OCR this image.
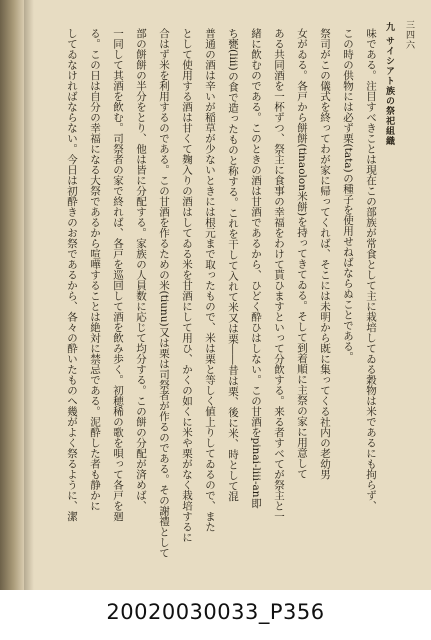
三四六
九 サイシアト族の祭祀組織
味である。注目すべきことは現在この部族が常食として主に栽培してゐる穀物は米であるにも拘らず、
この時の供物には必ず栗(tata)の種子を使用せねばならぬことである。
祭司がこの儀式を終ってわが家に帰ってくれば、そこには未明から既に集ってくる社内の老幼男
女がゐる。各戸から餅餅(tinaolon米餅)を持ってきてゐる。そして到着順に主祭の家に用意して
ある共同酒を一杯ずつ、祭主に食事の幸福をわけて貰ひますといって分飲する。来る者すべてが祭主と一
緒に飲むのである。このときの酒は甘酒であるから、ひどく酔ひはしない。この甘酒をpinai-liii-an即
ち甕(liii)の食で造ったものと称する。これを干して入れて米又は栗――昔は栗、後に米、時として混
普通の酒は辛いが稲草が少ないときには根元まで取ったもので、米は栗と等しく値上りしてゐるので、また
として使用する酒は甘くて麹入りの酒はしてゐる米を甘酒にして用ひ、かくの如くに米や栗がなく栽培するに
合はず米を利用するのである。この甘酒を作るための米(tiunu)又は栗は司祭者が作るのである。その謝禮として
部の餅餅の半分をとり、他は皆に分配する。家族の人員数に応じて均分する。この餅の分配が済めば、
一同して其酒を飲む。司祭者の家で終れば、各戸を巡回して酒を飲み歩く。初穂稀の歌を唄って各戸を廻
る。この日は自分の幸福になる大祭であるから喧嘩することは絶対に禁忌である。泥酔した者も静かに
してゐなければならない。今日は初酔きのお祭であるから、各々の酔いたものへ幾がよく祭るように、潔
20020030033_P356
